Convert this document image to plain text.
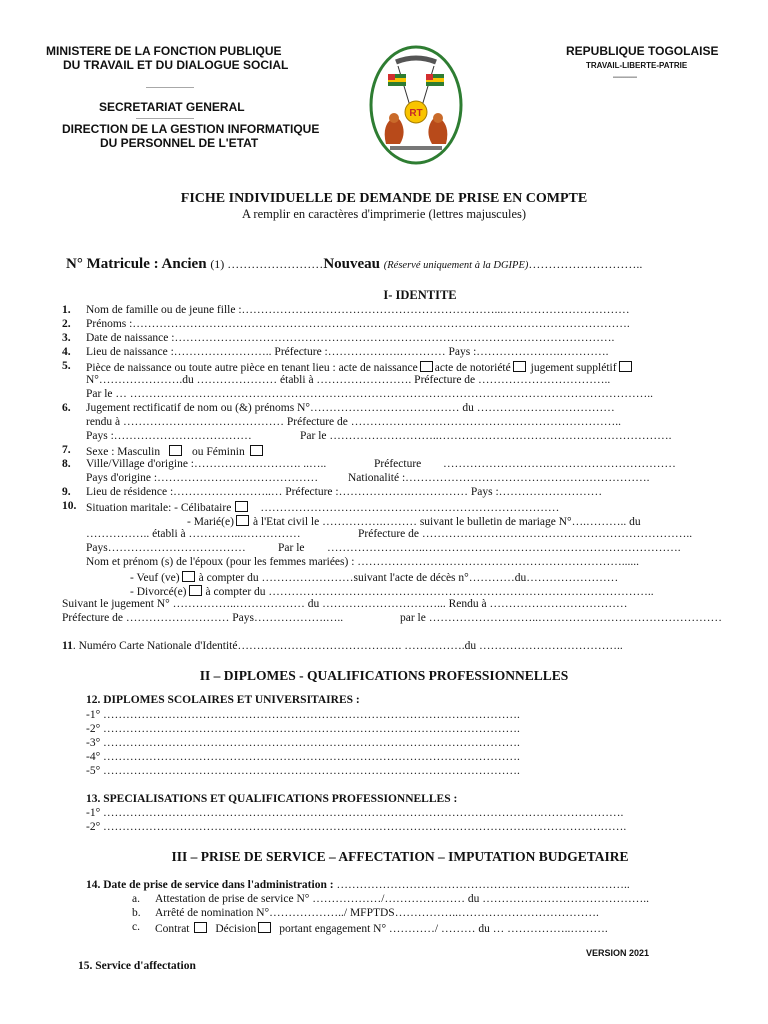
MINISTERE DE LA FONCTION PUBLIQUE
DU TRAVAIL ET DU DIALOGUE SOCIAL
------------------------
SECRETARIAT GENERAL
-----------------------------
DIRECTION DE LA GESTION INFORMATIQUE
DU PERSONNEL DE L'ETAT
REPUBLIQUE TOGOLAISE
TRAVAIL-LIBERTE-PATRIE
------------
RT
FICHE INDIVIDUELLE DE DEMANDE DE PRISE EN COMPTE
A remplir en caractères d'imprimerie (lettres majuscules)
N° Matricule : Ancien (1) ……………………Nouveau (Réservé uniquement à la DGIPE)………………………..
I- IDENTITE
1. Nom de famille ou de jeune fille :…………………………………………………………...……………………………
2. Prénoms :………………………………………………………………………………………………………………….
3. Date de naissance :…………………………………………………………………………………………………….
4. Lieu de naissance :…………………….. Préfecture :……………….………… Pays :………………….………….
5. Pièce de naissance ou toute autre pièce en tenant lieu : acte de naissance acte de notoriété jugement supplétif
N°………………….du ………………… établi à ……………………. Préfecture de ……………………………..
Par le … ………………………………………………………………………………………………………………………..
6. Jugement rectificatif de nom ou (&) prénoms N°………………………………… du ………………………………
rendu à …………………………………… Préfecture de ……………………………………………………………..
Pays :………………………………	Par le ………………………..…………………………………………………….
7. Sexe : Masculin	ou Féminin
8. Ville/Village d'origine :………………………. ..…..	Préfecture ……………………….……………………………
Pays d'origine :……………………………………	Nationalité :……………………………………………………….
9. Lieu de résidence :……………………..… Préfecture :……………….…………… Pays :………………………
10. Situation maritale: - Célibataire	……………………………………………………………………
- Marié(e) à l'Etat civil le …………….……… suivant le bulletin de mariage N°….……….. du
…………….. établi à …………...……………	Préfecture de ……………………………………………………………..
Pays………………………………	Par le ……………………..………………………………………………………….
Nom et prénom (s) de l'époux (pour les femmes mariées) : ……………………………………………………………......
- Veuf (ve) à compter du ……………………suivant l'acte de décès n°…………du……………………
- Divorcé(e) à compter du ………………………………………………………………………………………..
Suivant le jugement N° ……………..……………… du …………………………... Rendu à ………………………………
Préfecture de ……………………… Pays……………….…..	par le ………………………..…………………………………………
11. Numéro Carte Nationale d'Identité……………………………………. …………….du ………………………………..
II – DIPLOMES - QUALIFICATIONS PROFESSIONNELLES
12. DIPLOMES SCOLAIRES ET UNIVERSITAIRES :
-1° ……………………………………………………………………………………………….
-2° ……………………………………………………………………………………………….
-3° ……………………………………………………………………………………………….
-4° ……………………………………………………………………………………………….
-5° ……………………………………………………………………………………………….
13. SPECIALISATIONS ET QUALIFICATIONS PROFESSIONNELLES :
-1° ……………………………………………………………………………………………………………………….
-2° ………………………………………………………………………………………………….…………………….
III – PRISE DE SERVICE – AFFECTATION – IMPUTATION BUDGETAIRE
14. Date de prise de service dans l'administration : …………………………………………………………………..
a. Attestation de prise de service N° ………………/………………… du ……………………………………..
b. Arrêté de nomination N°………………../ MFPTDS……………..……………………………….
c. Contrat Décision portant engagement N° …………/ ……… du … ……………..……….
VERSION 2021
15. Service d'affectation
